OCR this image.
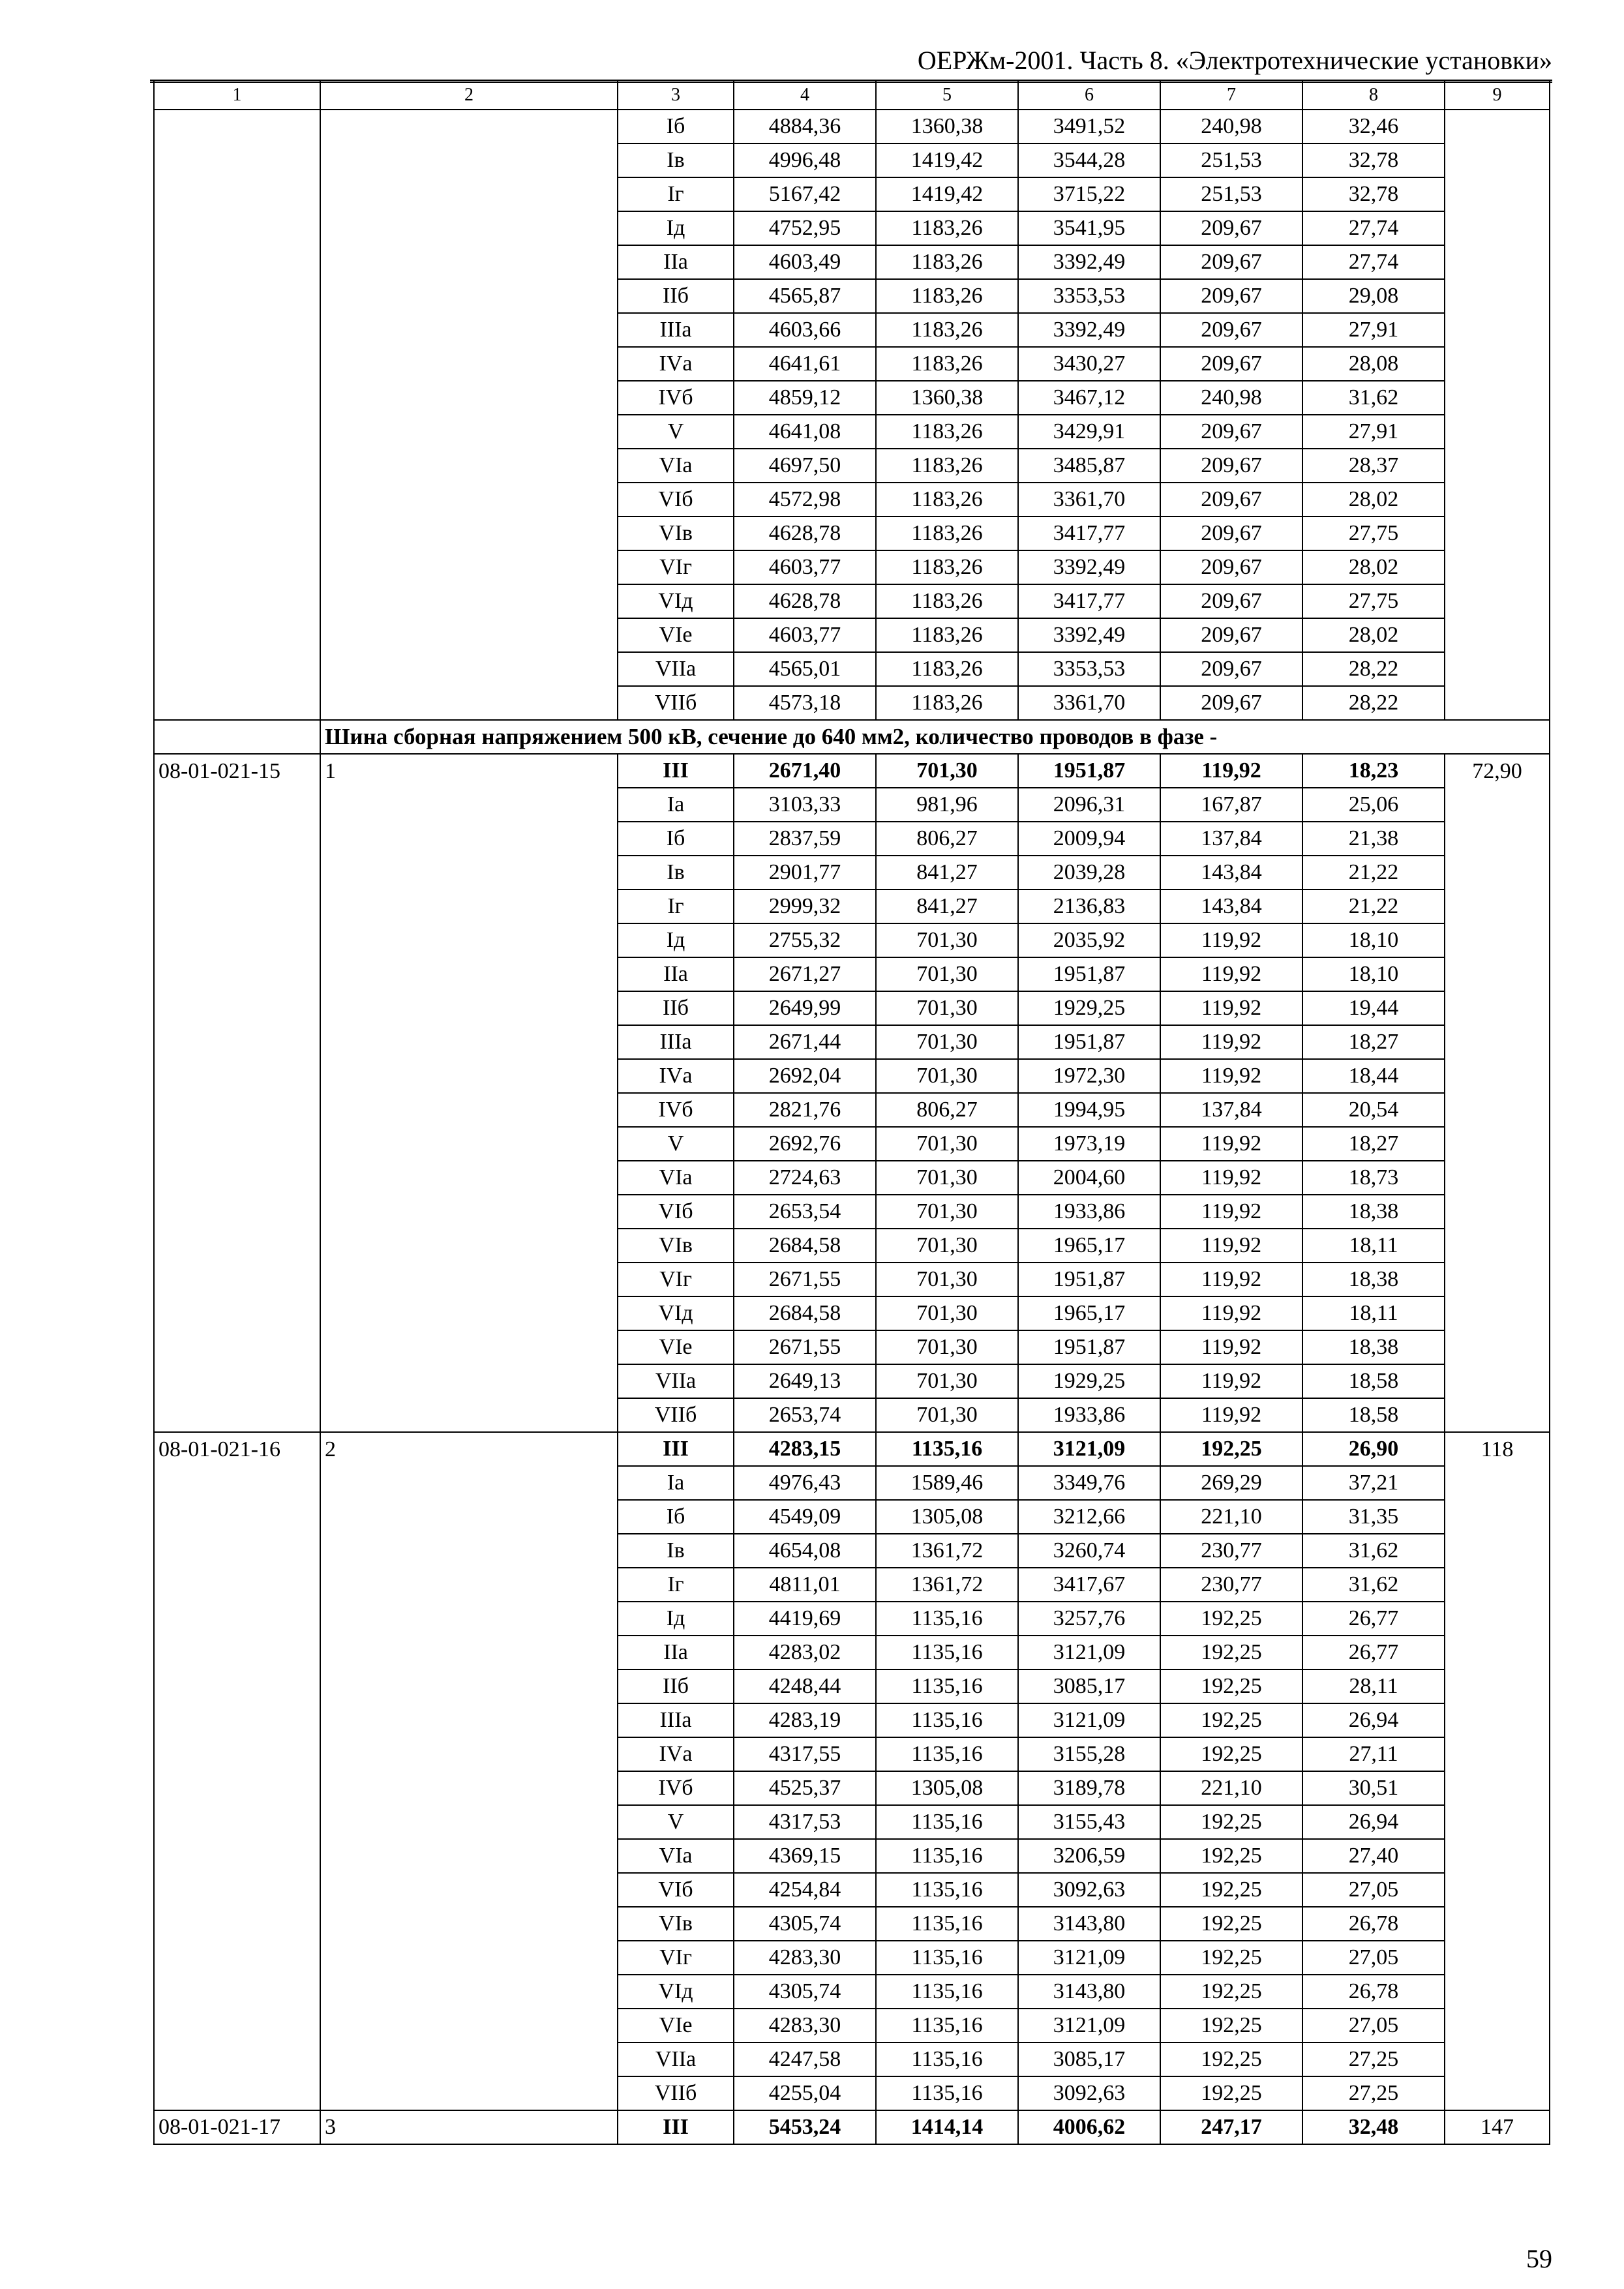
ОЕРЖм-2001. Часть 8. «Электротехнические установки»
1	2	3	4	5	6	7	8	9
		Iб	4884,36	1360,38	3491,52	240,98	32,46	
		Iв	4996,48	1419,42	3544,28	251,53	32,78	
		Iг	5167,42	1419,42	3715,22	251,53	32,78	
		Iд	4752,95	1183,26	3541,95	209,67	27,74	
		IIа	4603,49	1183,26	3392,49	209,67	27,74	
		IIб	4565,87	1183,26	3353,53	209,67	29,08	
		IIIа	4603,66	1183,26	3392,49	209,67	27,91	
		IVа	4641,61	1183,26	3430,27	209,67	28,08	
		IVб	4859,12	1360,38	3467,12	240,98	31,62	
		V	4641,08	1183,26	3429,91	209,67	27,91	
		VIа	4697,50	1183,26	3485,87	209,67	28,37	
		VIб	4572,98	1183,26	3361,70	209,67	28,02	
		VIв	4628,78	1183,26	3417,77	209,67	27,75	
		VIг	4603,77	1183,26	3392,49	209,67	28,02	
		VIд	4628,78	1183,26	3417,77	209,67	27,75	
		VIе	4603,77	1183,26	3392,49	209,67	28,02	
		VIIа	4565,01	1183,26	3353,53	209,67	28,22	
		VIIб	4573,18	1183,26	3361,70	209,67	28,22	
	Шина сборная напряжением 500 кВ, сечение до 640 мм2, количество проводов в фазе -							
08-01-021-15	1	III	2671,40	701,30	1951,87	119,92	18,23	72,90
		Iа	3103,33	981,96	2096,31	167,87	25,06	
		Iб	2837,59	806,27	2009,94	137,84	21,38	
		Iв	2901,77	841,27	2039,28	143,84	21,22	
		Iг	2999,32	841,27	2136,83	143,84	21,22	
		Iд	2755,32	701,30	2035,92	119,92	18,10	
		IIа	2671,27	701,30	1951,87	119,92	18,10	
		IIб	2649,99	701,30	1929,25	119,92	19,44	
		IIIа	2671,44	701,30	1951,87	119,92	18,27	
		IVа	2692,04	701,30	1972,30	119,92	18,44	
		IVб	2821,76	806,27	1994,95	137,84	20,54	
		V	2692,76	701,30	1973,19	119,92	18,27	
		VIа	2724,63	701,30	2004,60	119,92	18,73	
		VIб	2653,54	701,30	1933,86	119,92	18,38	
		VIв	2684,58	701,30	1965,17	119,92	18,11	
		VIг	2671,55	701,30	1951,87	119,92	18,38	
		VIд	2684,58	701,30	1965,17	119,92	18,11	
		VIе	2671,55	701,30	1951,87	119,92	18,38	
		VIIа	2649,13	701,30	1929,25	119,92	18,58	
		VIIб	2653,74	701,30	1933,86	119,92	18,58	
08-01-021-16	2	III	4283,15	1135,16	3121,09	192,25	26,90	118
		Iа	4976,43	1589,46	3349,76	269,29	37,21	
		Iб	4549,09	1305,08	3212,66	221,10	31,35	
		Iв	4654,08	1361,72	3260,74	230,77	31,62	
		Iг	4811,01	1361,72	3417,67	230,77	31,62	
		Iд	4419,69	1135,16	3257,76	192,25	26,77	
		IIа	4283,02	1135,16	3121,09	192,25	26,77	
		IIб	4248,44	1135,16	3085,17	192,25	28,11	
		IIIа	4283,19	1135,16	3121,09	192,25	26,94	
		IVа	4317,55	1135,16	3155,28	192,25	27,11	
		IVб	4525,37	1305,08	3189,78	221,10	30,51	
		V	4317,53	1135,16	3155,43	192,25	26,94	
		VIа	4369,15	1135,16	3206,59	192,25	27,40	
		VIб	4254,84	1135,16	3092,63	192,25	27,05	
		VIв	4305,74	1135,16	3143,80	192,25	26,78	
		VIг	4283,30	1135,16	3121,09	192,25	27,05	
		VIд	4305,74	1135,16	3143,80	192,25	26,78	
		VIе	4283,30	1135,16	3121,09	192,25	27,05	
		VIIа	4247,58	1135,16	3085,17	192,25	27,25	
		VIIб	4255,04	1135,16	3092,63	192,25	27,25	
08-01-021-17	3	III	5453,24	1414,14	4006,62	247,17	32,48	147
59
